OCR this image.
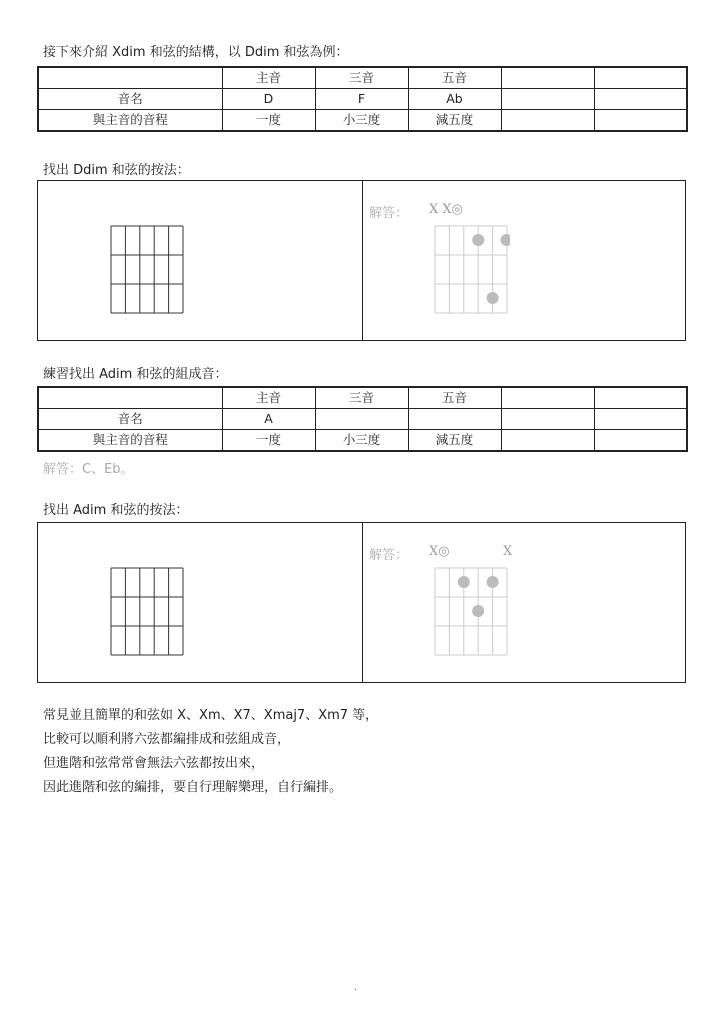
接下來介紹 Xdim 和弦的結構，以 Ddim 和弦為例：
	主音	三音	五音		
音名	D	F	Ab		
與主音的音程	一度	小三度	減五度		
找出 Ddim 和弦的按法：
解答： X X◎
練習找出 Adim 和弦的組成音：
	主音	三音	五音		
音名	A				
與主音的音程	一度	小三度	減五度		
解答：C、Eb。
找出 Adim 和弦的按法：
解答： X◎	X
常見並且簡單的和弦如 X、Xm、X7、Xmaj7、Xm7 等，
比較可以順利將六弦都編排成和弦組成音，
但進階和弦常常會無法六弦都按出來，
因此進階和弦的編排，要自行理解樂理，自行編排。
.
